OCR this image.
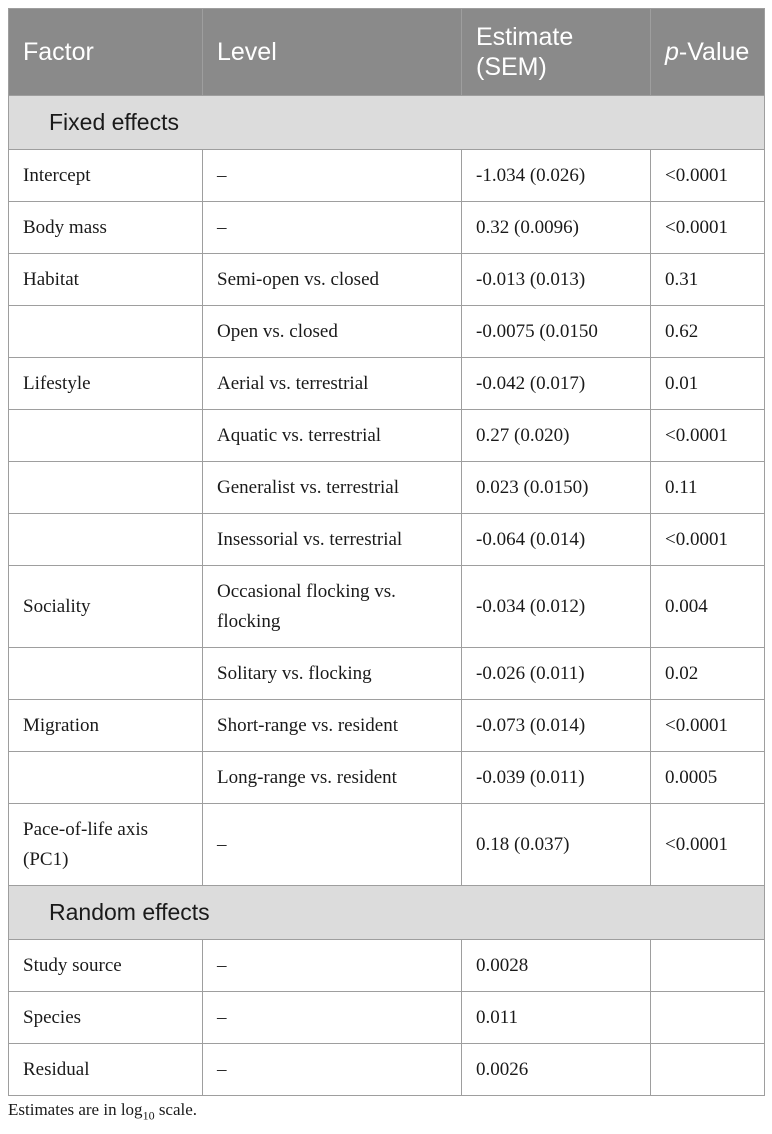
Factor	Level	Estimate (SEM)	p-Value
Fixed effects			
Intercept	–	-1.034 (0.026)	<0.0001
Body mass	–	0.32 (0.0096)	<0.0001
Habitat	Semi-open vs. closed	-0.013 (0.013)	0.31
	Open vs. closed	-0.0075 (0.0150	0.62
Lifestyle	Aerial vs. terrestrial	-0.042 (0.017)	0.01
	Aquatic vs. terrestrial	0.27 (0.020)	<0.0001
	Generalist vs. terrestrial	0.023 (0.0150)	0.11
	Insessorial vs. terrestrial	-0.064 (0.014)	<0.0001
Sociality	Occasional flocking vs. flocking	-0.034 (0.012)	0.004
	Solitary vs. flocking	-0.026 (0.011)	0.02
Migration	Short-range vs. resident	-0.073 (0.014)	<0.0001
	Long-range vs. resident	-0.039 (0.011)	0.0005
Pace-of-life axis (PC1)	–	0.18 (0.037)	<0.0001
Random effects			
Study source	–	0.0028	
Species	–	0.011	
Residual	–	0.0026	
Estimates are in $\log_{10}$ scale.
